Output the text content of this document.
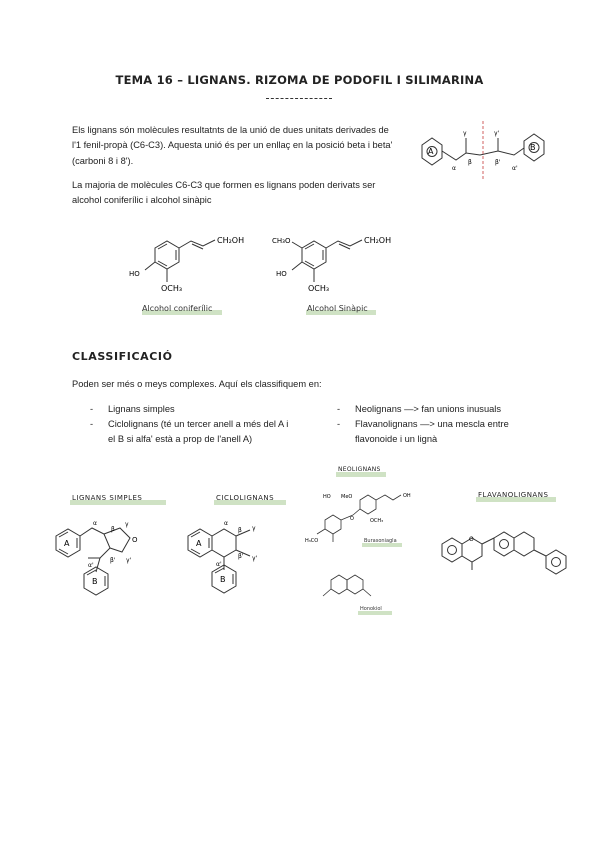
TEMA 16 – LIGNANS. RIZOMA DE PODOFIL I SILIMARINA
Els lignans són molècules resultatnts de la unió de dues unitats derivades de l'1 fenil-propà (C6-C3). Aquesta unió és per un enllaç en la posició beta i beta' (carboni 8 i 8').
La majoria de molècules C6-C3 que formen es lignans poden derivats ser alcohol coniferílic i alcohol sinàpic
A	B
γ
β
α
γ'
β'
α'
CH₂OH
HO
OCH₃
Alcohol coniferílic
CH₃O	CH₂OH
HO
OCH₃
Alcohol Sinàpic
CLASSIFICACIÓ
Poden ser més o meys complexes. Aquí els classifiquem en:
- Lignans simples
- Ciclolignans (té un tercer anell a més del A i el B si alfa' està a prop de l'anell A)
- Neolignans —> fan unions inusuals
- Flavanolignans —> una mescla entre flavonoide i un lignà
LIGNANS SIMPLES	CICLOLIGNANS
NEOLIGNANS
FLAVANOLIGNANS
A
B
α
β
γ
α'
β' γ'
O	A
B
α
β γ
α'
β' γ'
HO MeO
OCH₃
H₃CO
OH
O
Burasoniagla
Honokiol
O
